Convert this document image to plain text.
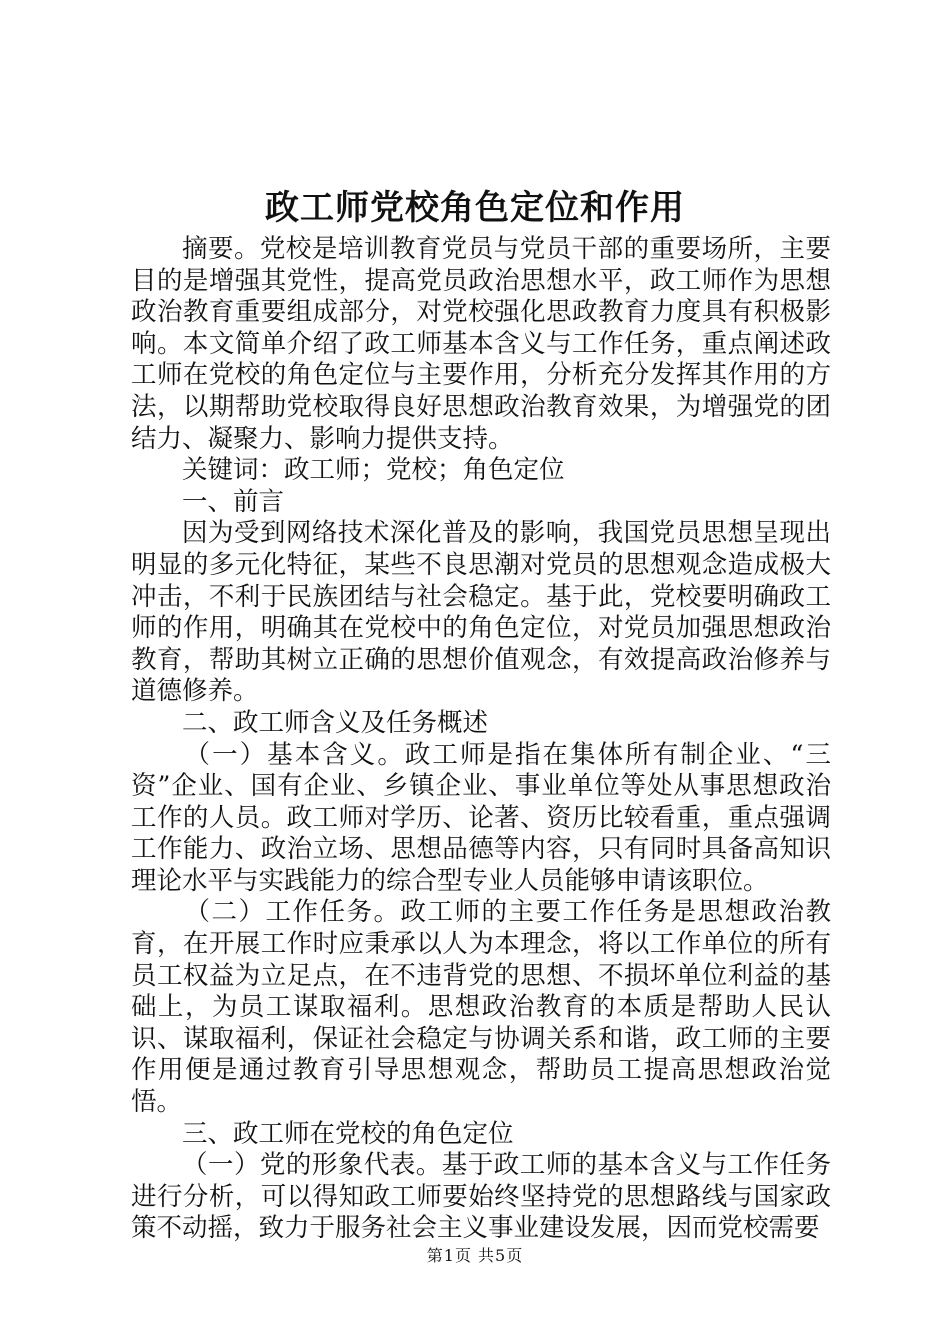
政工师党校角色定位和作用

摘要。党校是培训教育党员与党员干部的重要场所，主要目的是增强其党性，提高党员政治思想水平，政工师作为思想政治教育重要组成部分，对党校强化思政教育力度具有积极影响。本文简单介绍了政工师基本含义与工作任务，重点阐述政工师在党校的角色定位与主要作用，分析充分发挥其作用的方法，以期帮助党校取得良好思想政治教育效果，为增强党的团结力、凝聚力、影响力提供支持。

关键词：政工师；党校；角色定位

一、前言

因为受到网络技术深化普及的影响，我国党员思想呈现出明显的多元化特征，某些不良思潮对党员的思想观念造成极大冲击，不利于民族团结与社会稳定。基于此，党校要明确政工师的作用，明确其在党校中的角色定位，对党员加强思想政治教育，帮助其树立正确的思想价值观念，有效提高政治修养与道德修养。

二、政工师含义及任务概述

（一）基本含义。政工师是指在集体所有制企业、“三资”企业、国有企业、乡镇企业、事业单位等处从事思想政治工作的人员。政工师对学历、论著、资历比较看重，重点强调工作能力、政治立场、思想品德等内容，只有同时具备高知识理论水平与实践能力的综合型专业人员能够申请该职位。

（二）工作任务。政工师的主要工作任务是思想政治教育，在开展工作时应秉承以人为本理念，将以工作单位的所有员工权益为立足点，在不违背党的思想、不损坏单位利益的基础上，为员工谋取福利。思想政治教育的本质是帮助人民认识、谋取福利，保证社会稳定与协调关系和谐，政工师的主要作用便是通过教育引导思想观念，帮助员工提高思想政治觉悟。

三、政工师在党校的角色定位

（一）党的形象代表。基于政工师的基本含义与工作任务进行分析，可以得知政工师要始终坚持党的思想路线与国家政策不动摇，致力于服务社会主义事业建设发展，因而党校需要

第1页 共5页
